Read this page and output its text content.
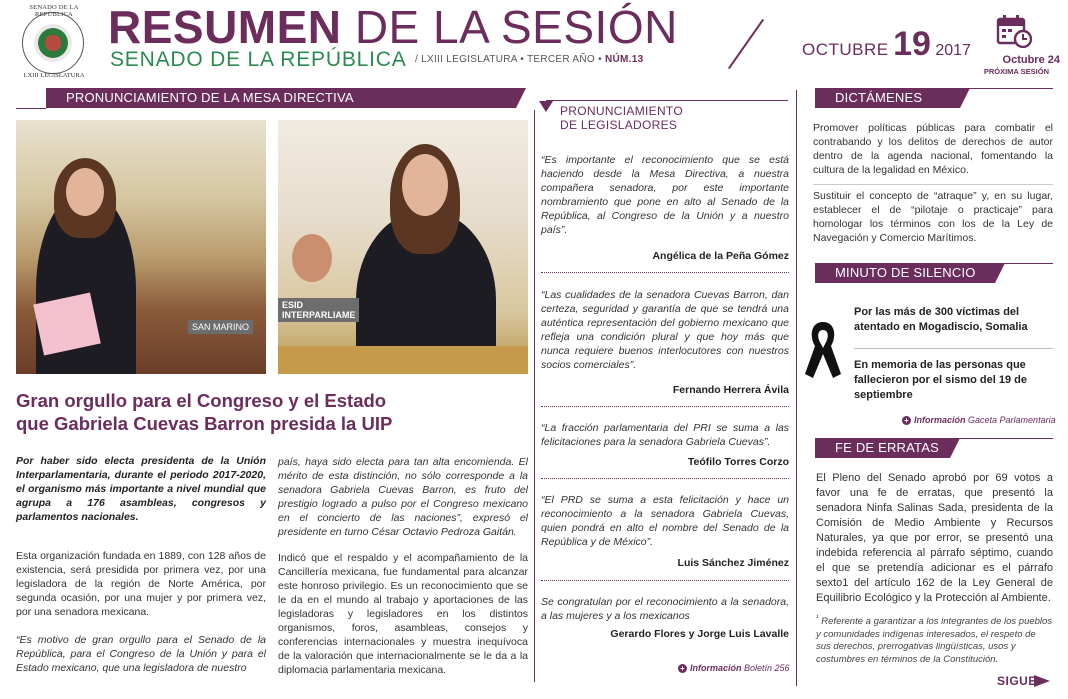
SENADO DE LA REPÚBLICA
LXIII LEGISLATURA
RESUMEN DE LA SESIÓN
SENADO DE LA REPÚBLICA $^{/ LXIII LEGISLATURA • TERCER AÑO • NÚM.13}$
OCTUBRE 19 2017
Octubre 24
PRÓXIMA SESIÓN
PRONUNCIAMIENTO DE LA MESA DIRECTIVA
PRONUNCIAMIENTO
DE LEGISLADORES
DICTÁMENES
MINUTO DE SILENCIO
FE DE ERRATAS
SAN MARINO
ESID
INTERPARLIAME
Gran orgullo para el Congreso y el Estado
que Gabriela Cuevas Barron presida la UIP
Por haber sido electa presidenta de la Unión Interparlamentaria, durante el periodo 2017-2020, el organismo más importante a nivel mundial que agrupa a 176 asambleas, congresos y parlamentos nacionales.
Esta organización fundada en 1889, con 128 años de existencia, será presidida por primera vez, por una legisladora de la región de Norte América, por segunda ocasión, por una mujer y por primera vez, por una senadora mexicana.
“Es motivo de gran orgullo para el Senado de la República, para el Congreso de la Unión y para el Estado mexicano, que una legisladora de nuestro
país, haya sido electa para tan alta encomienda. El mérito de esta distinción, no sólo corresponde a la senadora Gabriela Cuevas Barron, es fruto del prestigio logrado a pulso por el Congreso mexicano en el concierto de las naciones”, expresó el presidente en turno César Octavio Pedroza Gaitán.
Indicó que el respaldo y el acompañamiento de la Cancillería mexicana, fue fundamental para alcanzar este honroso privilegio. Es un reconocimiento que se le da en el mundo al trabajo y aportaciones de las legisladoras y legisladores en los distintos organismos, foros, asambleas, consejos y conferencias internacionales y muestra inequívoca de la valoración que internacionalmente se le da a la diplomacia parlamentaria mexicana.
“Es importante el reconocimiento que se está haciendo desde la Mesa Directiva, a nuestra compañera senadora, por este importante nombramiento que pone en alto al Senado de la República, al Congreso de la Unión y a nuestro país”.
Angélica de la Peña Gómez
“Las cualidades de la senadora Cuevas Barron, dan certeza, seguridad y garantía de que se tendrá una auténtica representación del gobierno mexicano que refleja una condición plural y que hoy más que nunca requiere buenos interlocutores con nuestros socios comerciales”.
Fernando Herrera Ávila
“La fracción parlamentaria del PRI se suma a las felicitaciones para la senadora Gabriela Cuevas”.
Teófilo Torres Corzo
“El PRD se suma a esta felicitación y hace un reconocimiento a la senadora Gabriela Cuevas, quien pondrá en alto el nombre del Senado de la República y de México”.
Luis Sánchez Jiménez
Se congratulan por el reconocimiento a la senadora, a las mujeres y a los mexicanos
Gerardo Flores y Jorge Luis Lavalle
+ Información Boletín 256
Promover políticas públicas para combatir el contrabando y los delitos de derechos de autor dentro de la agenda nacional, fomentando la cultura de la legalidad en México.
Sustituir el concepto de “atraque” y, en su lugar, establecer el de “pilotaje o practicaje” para homologar los términos con los de la Ley de Navegación y Comercio Marítimos.
Por las más de 300 víctimas del atentado en Mogadiscio, Somalia
En memoria de las personas que fallecieron por el sismo del 19 de septiembre
+ Información Gaceta Parlamentaria
El Pleno del Senado aprobó por 69 votos a favor una fe de erratas, que presentó la senadora Ninfa Salinas Sada, presidenta de la Comisión de Medio Ambiente y Recursos Naturales, ya que por error, se presentó una indebida referencia al párrafo séptimo, cuando el que se pretendía adicionar es el párrafo sexto1 del artículo 162 de la Ley General de Equilibrio Ecológico y la Protección al Ambiente.
$^{^1}$ Referente a garantizar a los integrantes de los pueblos y comunidades indígenas interesados, el respeto de sus derechos, prerrogativas lingüísticas, usos y costumbres en términos de la Constitución.
SIGUE
